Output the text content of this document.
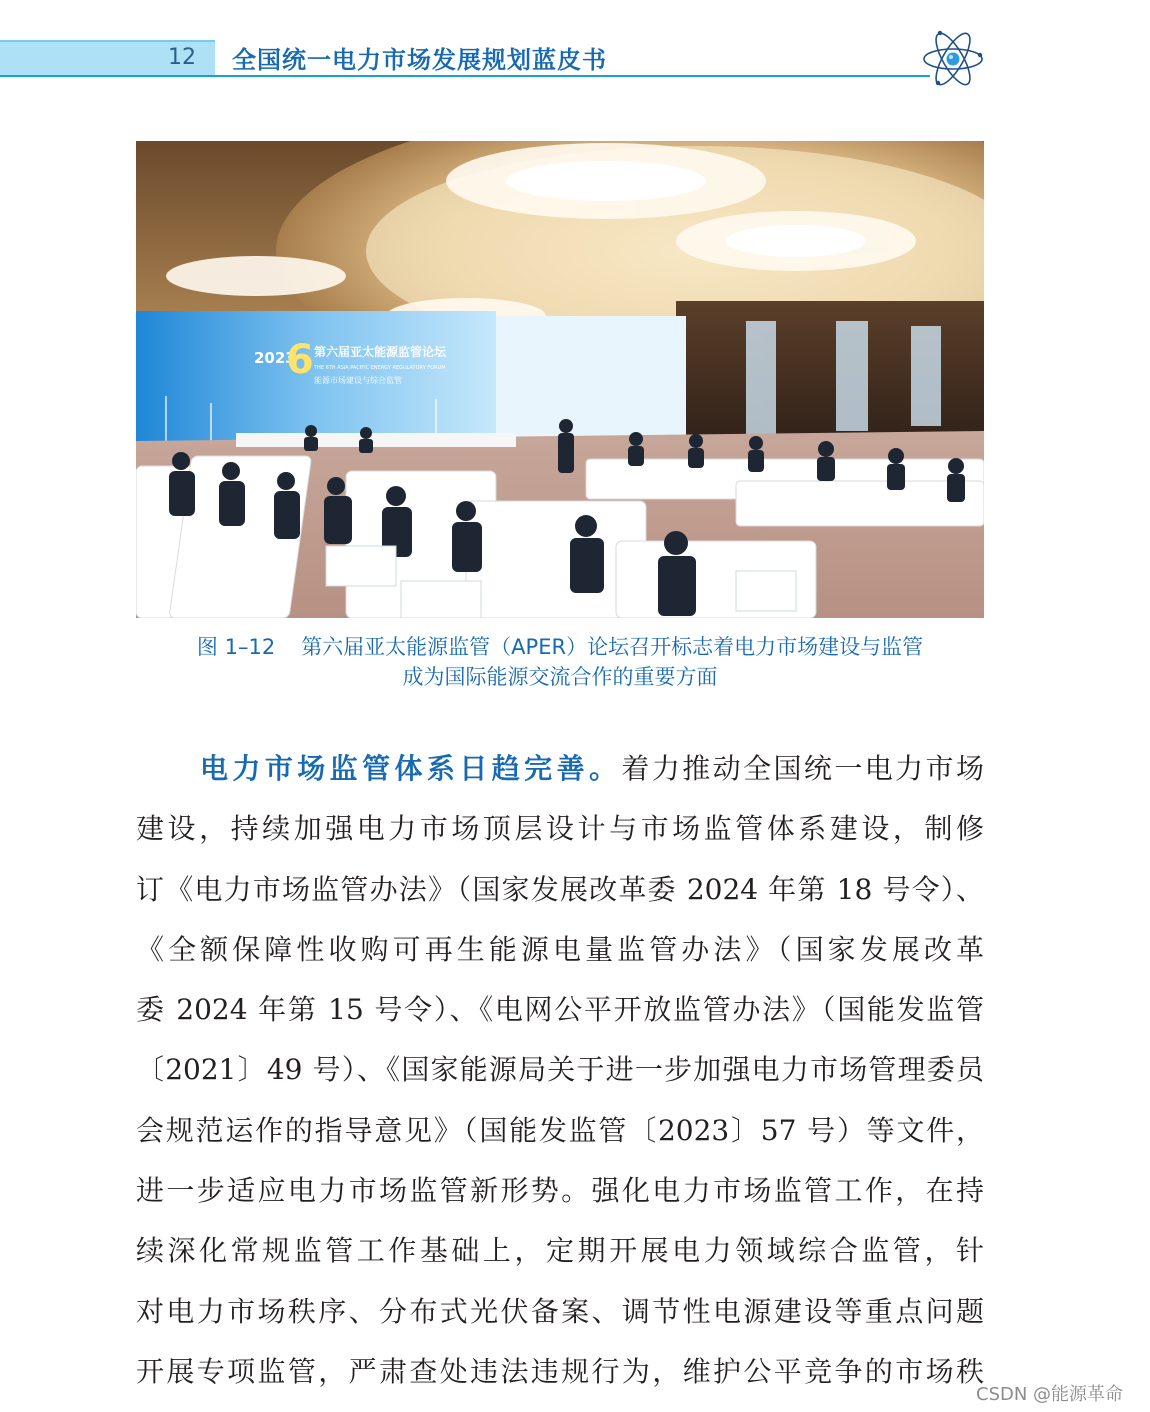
12	全国统一电力市场发展规划蓝皮书
2023
6 第六届亚太能源监管论坛
THE 6TH ASIA PACIFIC ENERGY REGULATORY FORUM
能源市场建设与综合监管
图 1–12 第六届亚太能源监管（APER）论坛召开标志着电力市场建设与监管
成为国际能源交流合作的重要方面
电力市场监管体系日趋完善。着力推动全国统一电力市场
建设，持续加强电力市场顶层设计与市场监管体系建设，制修
订《电力市场监管办法》（国家发展改革委 2024 年第 18 号令）、
《全额保障性收购可再生能源电量监管办法》（国家发展改革
委 2024 年第 15 号令）、《电网公平开放监管办法》（国能发监管
〔2021〕49 号）、《国家能源局关于进一步加强电力市场管理委员
会规范运作的指导意见》（国能发监管〔2023〕57 号）等文件，
进一步适应电力市场监管新形势。强化电力市场监管工作，在持
续深化常规监管工作基础上，定期开展电力领域综合监管，针
对电力市场秩序、分布式光伏备案、调节性电源建设等重点问题
开展专项监管，严肃查处违法违规行为，维护公平竞争的市场秩
CSDN @能源革命
